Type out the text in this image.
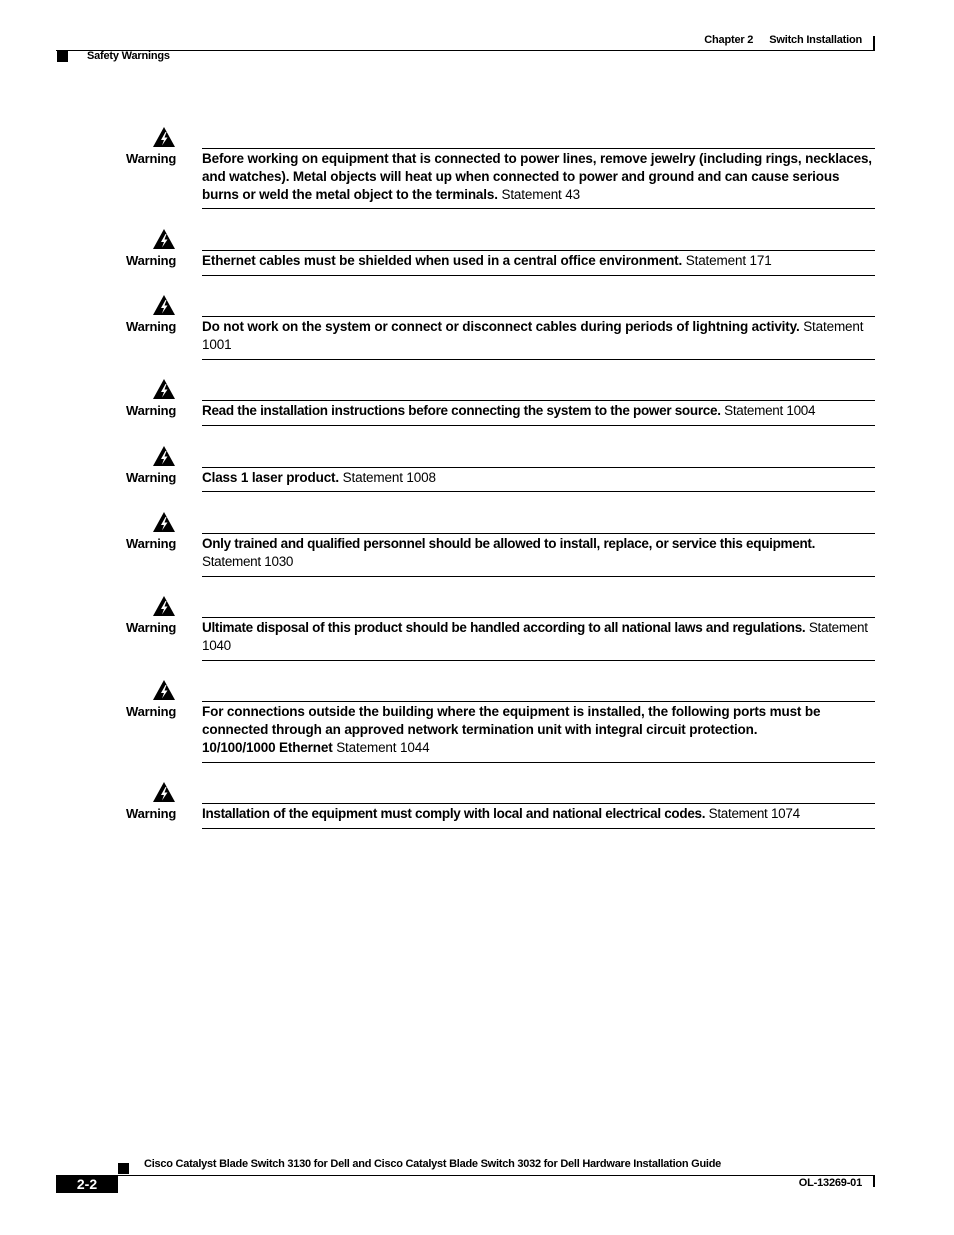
Chapter 2 Switch Installation
Safety Warnings
Warning	Before working on equipment that is connected to power lines, remove jewelry (including rings, necklaces, and watches). Metal objects will heat up when connected to power and ground and can cause serious burns or weld the metal object to the terminals. Statement 43
Warning	Ethernet cables must be shielded when used in a central office environment. Statement 171
Warning	Do not work on the system or connect or disconnect cables during periods of lightning activity. Statement 1001
Warning	Read the installation instructions before connecting the system to the power source. Statement 1004
Warning	Class 1 laser product. Statement 1008
Warning	Only trained and qualified personnel should be allowed to install, replace, or service this equipment. Statement 1030
Warning	Ultimate disposal of this product should be handled according to all national laws and regulations. Statement 1040
Warning	For connections outside the building where the equipment is installed, the following ports must be connected through an approved network termination unit with integral circuit protection.
10/100/1000 Ethernet Statement 1044
Warning	Installation of the equipment must comply with local and national electrical codes. Statement 1074
Cisco Catalyst Blade Switch 3130 for Dell and Cisco Catalyst Blade Switch 3032 for Dell Hardware Installation Guide
2-2	OL-13269-01
